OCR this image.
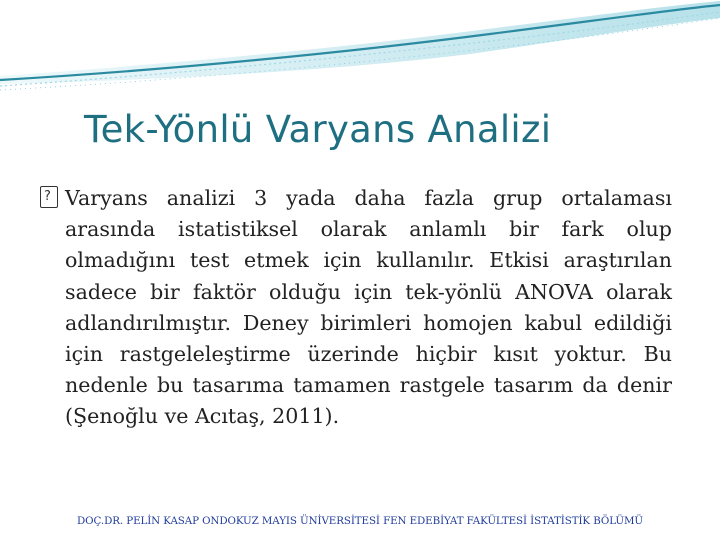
Tek-Yönlü Varyans Analizi
? Varyans analizi 3 yada daha fazla grup ortalaması arasında istatistiksel olarak anlamlı bir fark olup olmadığını test etmek için kullanılır. Etkisi araştırılan sadece bir faktör olduğu için tek-yönlü ANOVA olarak adlandırılmıştır. Deney birimleri homojen kabul edildiği için rastgeleleştirme üzerinde hiçbir kısıt yoktur. Bu nedenle bu tasarıma tamamen rastgele tasarım da denir (Şenoğlu ve Acıtaş, 2011).

DOÇ.DR. PELİN KASAP ONDOKUZ MAYIS ÜNİVERSİTESİ FEN EDEBİYAT FAKÜLTESİ İSTATİSTİK BÖLÜMÜ
